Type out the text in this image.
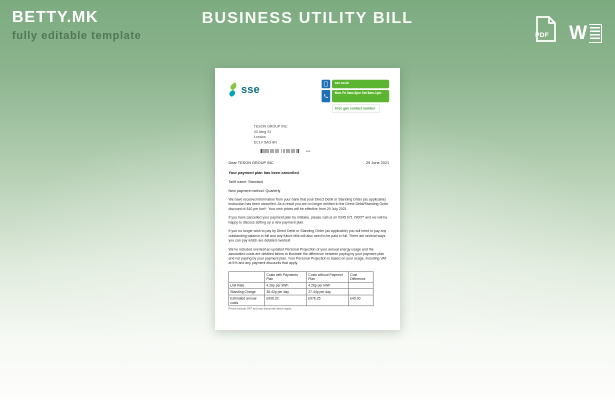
BETTY.MK
fully editable template
BUSINESS UTILITY BILL
PDF W
sse
sse.co.uk
Mon-Fri 8am-8pm Sat 8am-1pm
Free gas contact number
TESON GROUP INC
43 Iving St
London
EC1V 5AG 8N
xxx
Dear TESON GROUP INC	29 June 2021
Your payment plan has been cancelled
Tariff name: Standard
New payment method: Quarterly

We have received information from your bank that your Direct Debit or Standing Order (as applicable) instruction has been cancelled. As a result you are no longer entitled to the Direct Debit/Standing Order discount of £40 per fuel*. Your new prices will be effective from 29 July 2021.

If you have cancelled your payment plan by mistake, please call us on 0345 071 7800** and we will be happy to discuss setting up a new payment plan.

If you no longer wish to pay by Direct Debit or Standing Order (as applicable) you will need to pay any outstanding balance in full and any future bills will also need to be paid in full. There are several ways you can pay which are detailed overleaf.

We've included overleaf an updated Personal Projection of your annual energy usage and the associated costs are detailed below to illustrate the difference between paying by your payment plan and not paying by your payment plan. Your Personal Projection is based on your usage, including VAT at 5% and any payment discounts that apply.

	Costs with Payments Plan	Costs without Payment Plan	Cost Difference
Unit Rate	4.26p per kWh	4.26p per kWh	
Standing Charge	36.42p per day	27.44p per day	
Estimated annual costs	£906.32	£976.25	£40.00
Prices include VAT and any discounts which apply.
